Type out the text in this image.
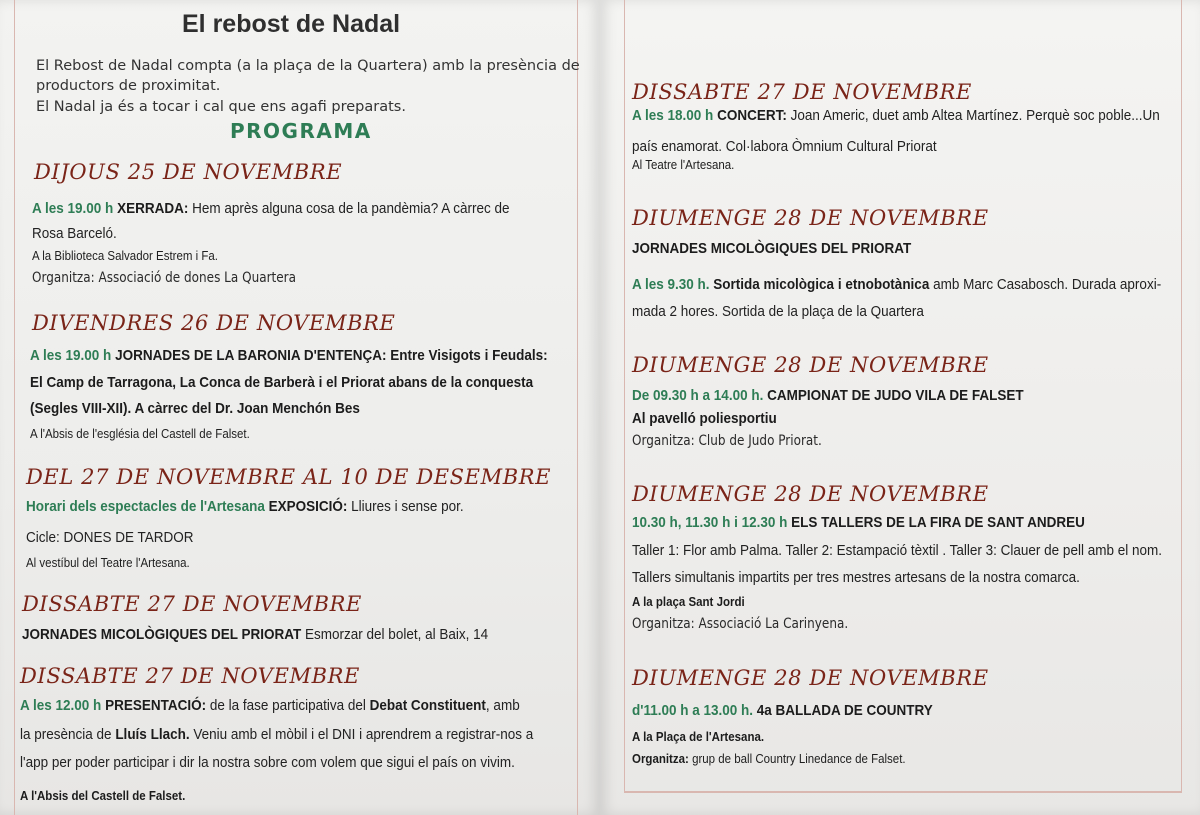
El rebost de Nadal
El Rebost de Nadal compta (a la plaça de la Quartera) amb la presència de
productors de proximitat.
El Nadal ja és a tocar i cal que ens agafi preparats.
PROGRAMA
DIJOUS 25 DE NOVEMBRE
A les 19.00 h XERRADA: Hem après alguna cosa de la pandèmia? A càrrec de
Rosa Barceló.
A la Biblioteca Salvador Estrem i Fa.
Organitza: Associació de dones La Quartera
DIVENDRES 26 DE NOVEMBRE
A les 19.00 h JORNADES DE LA BARONIA D'ENTENÇA: Entre Visigots i Feudals:
El Camp de Tarragona, La Conca de Barberà i el Priorat abans de la conquesta
(Segles VIII-XII). A càrrec del Dr. Joan Menchón Bes
A l'Absis de l'església del Castell de Falset.
DEL 27 DE NOVEMBRE AL 10 DE DESEMBRE
Horari dels espectacles de l'Artesana EXPOSICIÓ: Lliures i sense por.
Cicle: DONES DE TARDOR
Al vestíbul del Teatre l'Artesana.
DISSABTE 27 DE NOVEMBRE
JORNADES MICOLÒGIQUES DEL PRIORAT Esmorzar del bolet, al Baix, 14
DISSABTE 27 DE NOVEMBRE
A les 12.00 h PRESENTACIÓ: de la fase participativa del Debat Constituent, amb
la presència de Lluís Llach. Veniu amb el mòbil i el DNI i aprendrem a registrar-nos a
l'app per poder participar i dir la nostra sobre com volem que sigui el país on vivim.
A l'Absis del Castell de Falset.
DISSABTE 27 DE NOVEMBRE
A les 18.00 h CONCERT: Joan Americ, duet amb Altea Martínez. Perquè soc poble...Un
país enamorat. Col·labora Òmnium Cultural Priorat
Al Teatre l'Artesana.
DIUMENGE 28 DE NOVEMBRE
JORNADES MICOLÒGIQUES DEL PRIORAT
A les 9.30 h. Sortida micològica i etnobotànica amb Marc Casabosch. Durada aproxi-
mada 2 hores. Sortida de la plaça de la Quartera
DIUMENGE 28 DE NOVEMBRE
De 09.30 h a 14.00 h. CAMPIONAT DE JUDO VILA DE FALSET
Al pavelló poliesportiu
Organitza: Club de Judo Priorat.
DIUMENGE 28 DE NOVEMBRE
10.30 h, 11.30 h i 12.30 h ELS TALLERS DE LA FIRA DE SANT ANDREU
Taller 1: Flor amb Palma. Taller 2: Estampació tèxtil . Taller 3: Clauer de pell amb el nom.
Tallers simultanis impartits per tres mestres artesans de la nostra comarca.
A la plaça Sant Jordi
Organitza: Associació La Carinyena.
DIUMENGE 28 DE NOVEMBRE
d'11.00 h a 13.00 h. 4a BALLADA DE COUNTRY
A la Plaça de l'Artesana.
Organitza: grup de ball Country Linedance de Falset.
